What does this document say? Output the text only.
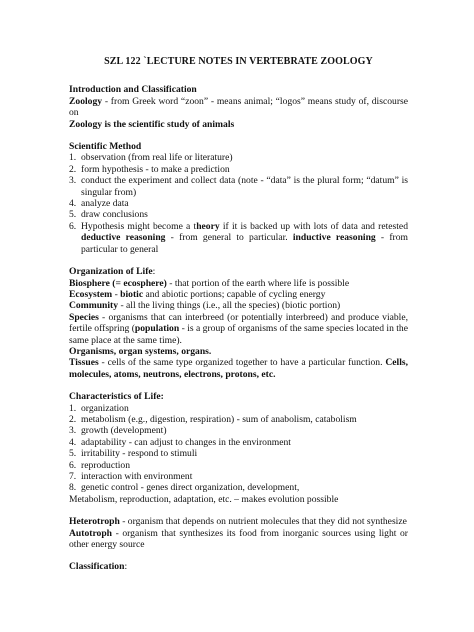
SZL 122 `LECTURE NOTES IN VERTEBRATE ZOOLOGY

Introduction and Classification

Zoology - from Greek word “zoon” - means animal; “logos” means study of, discourse on

Zoology is the scientific study of animals

Scientific Method

1. observation (from real life or literature)
2. form hypothesis - to make a prediction
3. conduct the experiment and collect data (note - “data” is the plural form; “datum” is singular from)
4. analyze data
5. draw conclusions
6. Hypothesis might become a theory if it is backed up with lots of data and retested deductive reasoning - from general to particular. inductive reasoning - from particular to general

Organization of Life:

Biosphere (= ecosphere) - that portion of the earth where life is possible

Ecosystem - biotic and abiotic portions; capable of cycling energy

Community - all the living things (i.e., all the species) (biotic portion)

Species - organisms that can interbreed (or potentially interbreed) and produce viable, fertile offspring (population - is a group of organisms of the same species located in the same place at the same time).

Organisms, organ systems, organs.

Tissues - cells of the same type organized together to have a particular function. Cells, molecules, atoms, neutrons, electrons, protons, etc.

Characteristics of Life:

1. organization
2. metabolism (e.g., digestion, respiration) - sum of anabolism, catabolism
3. growth (development)
4. adaptability - can adjust to changes in the environment
5. irritability - respond to stimuli
6. reproduction
7. interaction with environment
8. genetic control - genes direct organization, development,

Metabolism, reproduction, adaptation, etc. – makes evolution possible

Heterotroph - organism that depends on nutrient molecules that they did not synthesize

Autotroph - organism that synthesizes its food from inorganic sources using light or other energy source

Classification:
